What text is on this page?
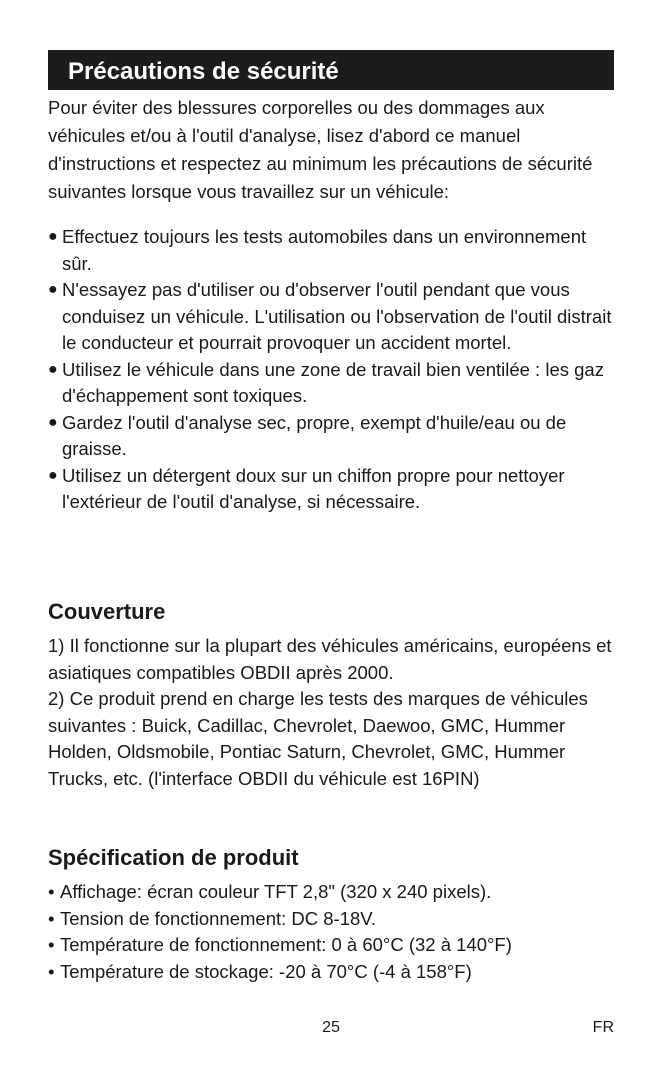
Précautions de sécurité

Pour éviter des blessures corporelles ou des dommages aux véhicules et/ou à l'outil d'analyse, lisez d'abord ce manuel d'instructions et respectez au minimum les précautions de sécurité suivantes lorsque vous travaillez sur un véhicule:

● Effectuez toujours les tests automobiles dans un environnement sûr.
● N'essayez pas d'utiliser ou d'observer l'outil pendant que vous conduisez un véhicule. L'utilisation ou l'observation de l'outil distrait le conducteur et pourrait provoquer un accident mortel.
● Utilisez le véhicule dans une zone de travail bien ventilée : les gaz d'échappement sont toxiques.
● Gardez l'outil d'analyse sec, propre, exempt d'huile/eau ou de graisse.
● Utilisez un détergent doux sur un chiffon propre pour nettoyer l'extérieur de l'outil d'analyse, si nécessaire.
Couverture

1) Il fonctionne sur la plupart des véhicules américains, européens et asiatiques compatibles OBDII après 2000.

2) Ce produit prend en charge les tests des marques de véhicules suivantes : Buick, Cadillac, Chevrolet, Daewoo, GMC, Hummer Holden, Oldsmobile, Pontiac Saturn, Chevrolet, GMC, Hummer Trucks, etc. (l'interface OBDII du véhicule est 16PIN)

Spécification de produit
• Affichage: écran couleur TFT 2,8" (320 x 240 pixels).
• Tension de fonctionnement: DC 8-18V.
• Température de fonctionnement: 0 à 60°C (32 à 140°F)
• Température de stockage: -20 à 70°C (-4 à 158°F)
25	FR
